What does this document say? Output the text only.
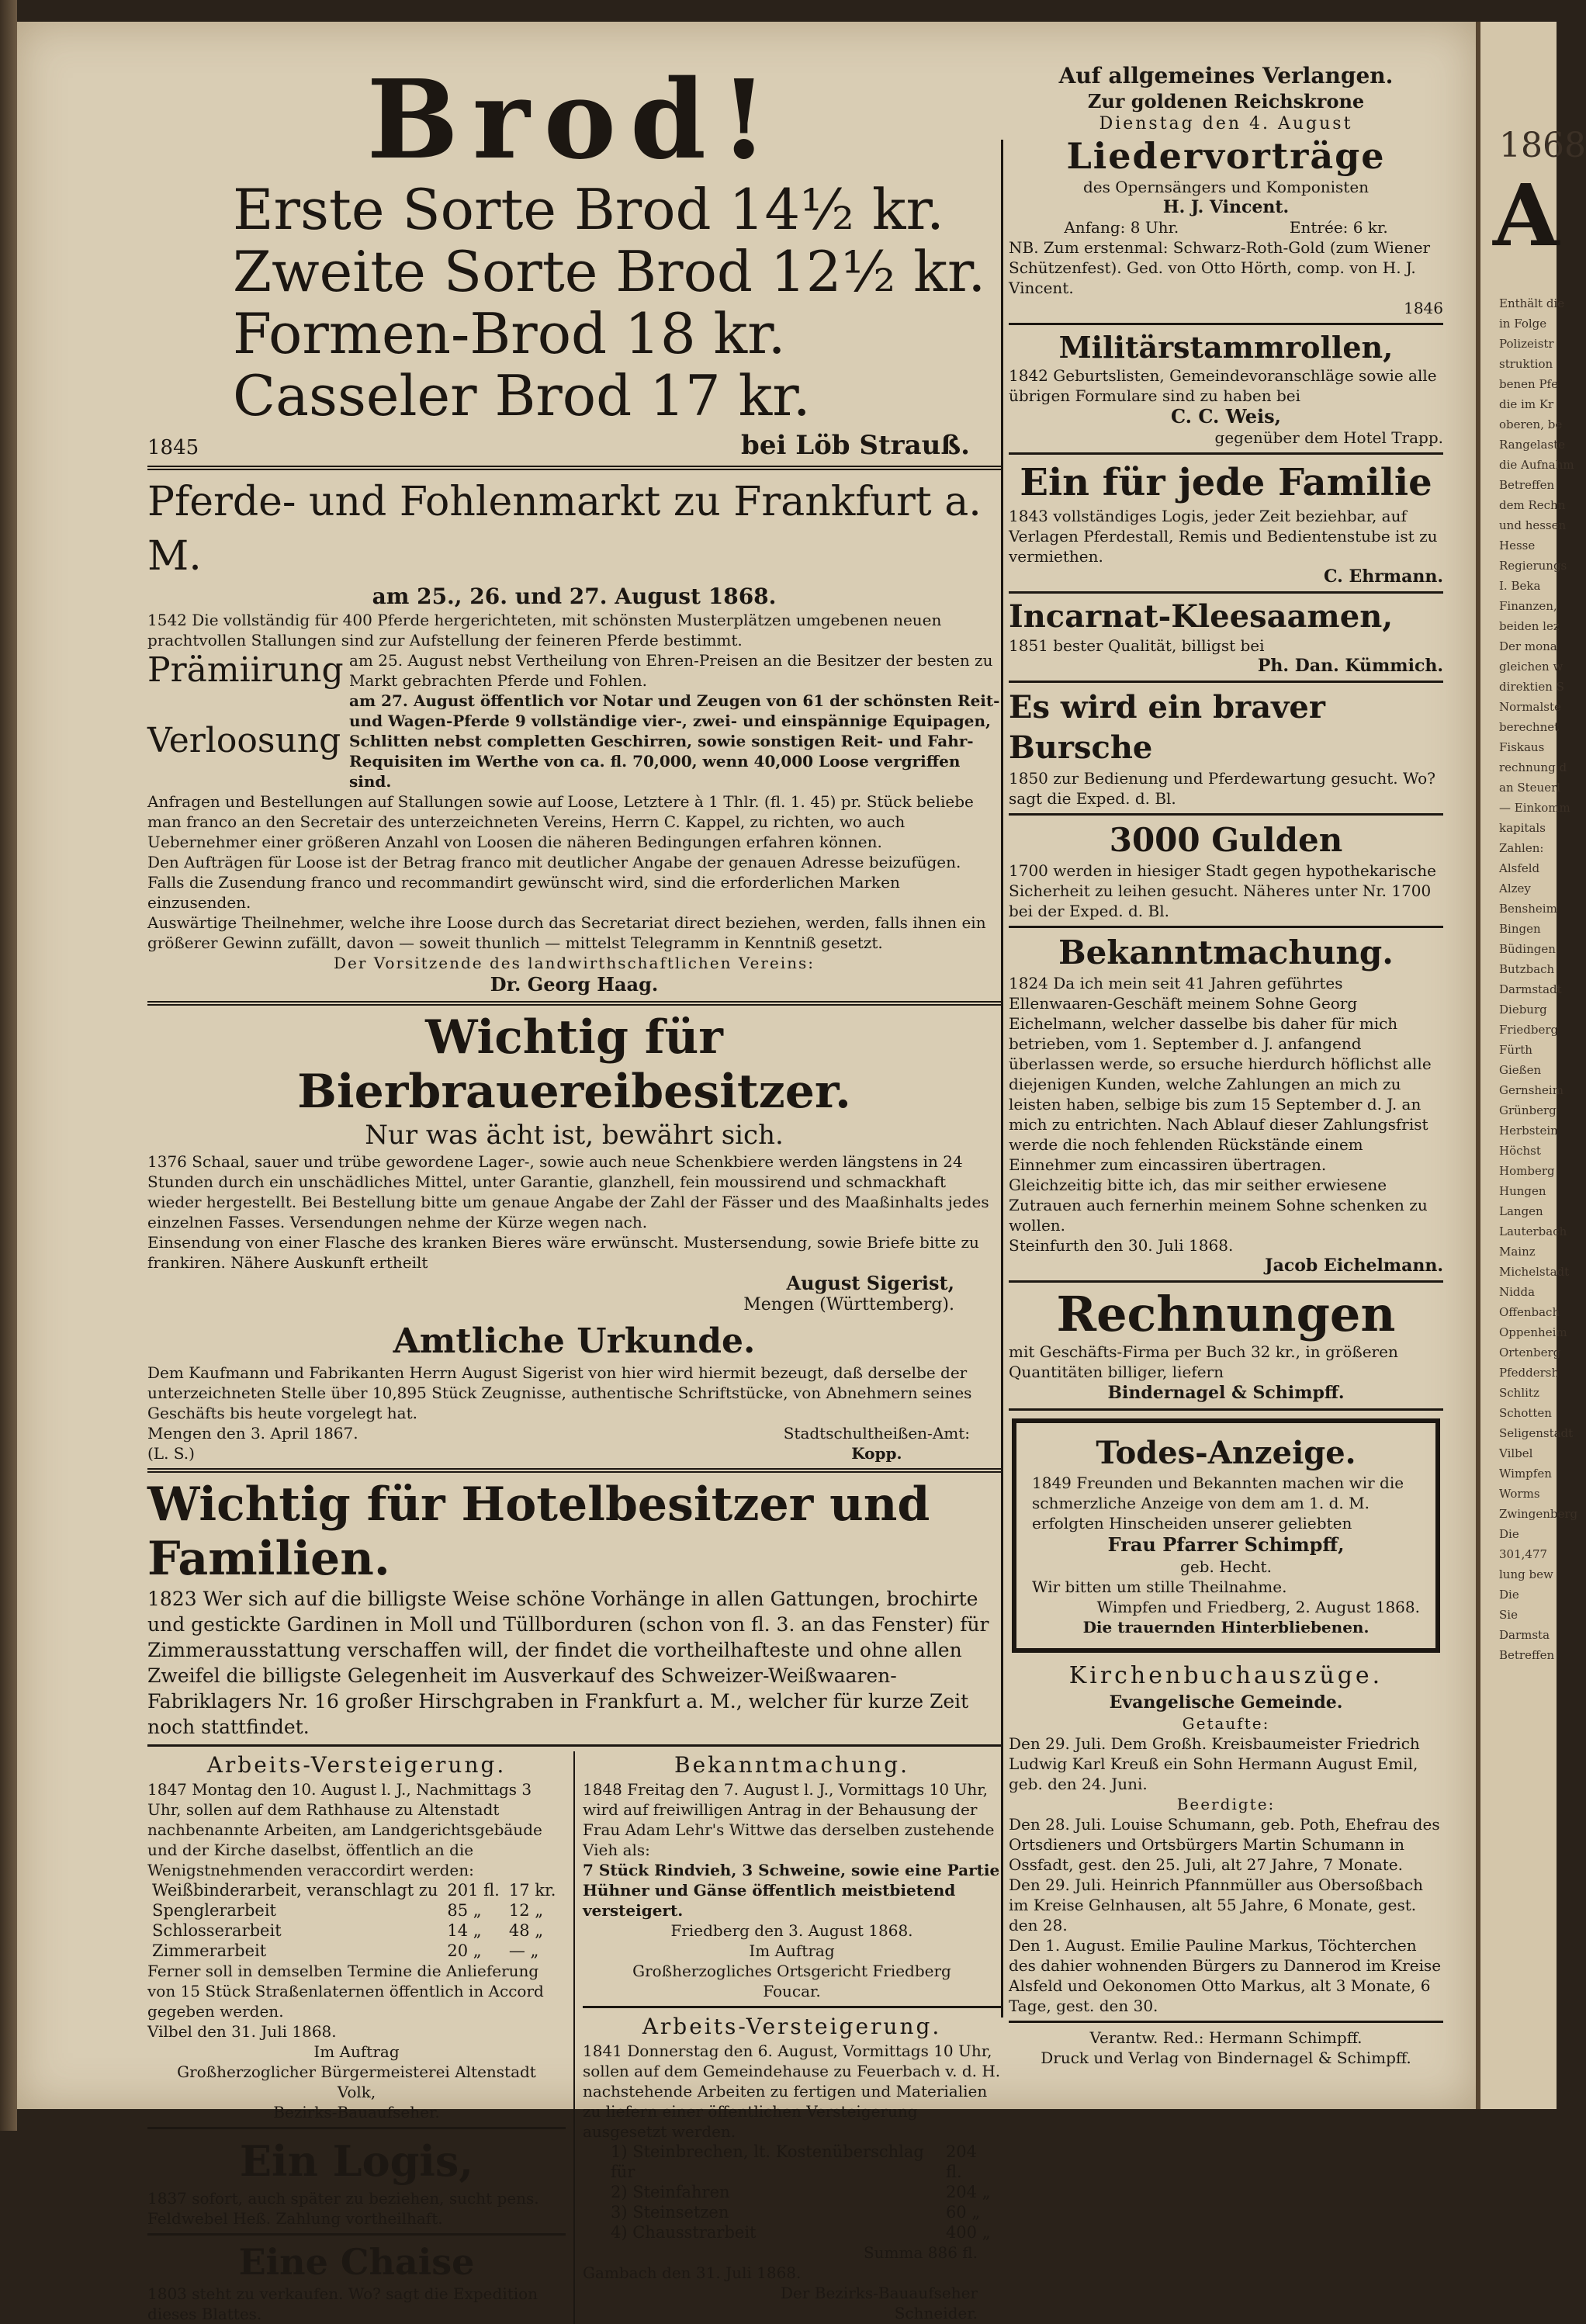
1868
A
Enthält die
in Folge
Polizeistr
struktion
benen Pfe
die im Kr
oberen, be
Rangelaste
die Aufnahm
Betreffen
dem Rechn
und hessen
Hesse
Regierungs
I. Beka
Finanzen,
beiden lez
Der mona
gleichen w
direktien S
Normalste
berechnet
Fiskaus
rechnung d
an Steuerl
— Einkomm
kapitals
Zahlen:
Alsfeld
Alzey
Bensheim
Bingen
Büdingen
Butzbach
Darmstadt
Dieburg
Friedberg
Fürth
Gießen
Gernsheim
Grünberg
Herbstein
Höchst
Homberg
Hungen
Langen
Lauterbach
Mainz
Michelstadt
Nidda
Offenbach
Oppenheim
Ortenberg
Pfeddersh
Schlitz
Schotten
Seligenstadt
Vilbel
Wimpfen
Worms
Zwingenberg
Die
301,477
lung bew
Die
Sie
Darmsta
Betreffen
Brod!
Erste Sorte Brod 14½ kr.
Zweite Sorte Brod 12½ kr.
Formen-Brod 18 kr.
Casseler Brod 17 kr.
1845	bei Löb Strauß.
Pferde- und Fohlenmarkt zu Frankfurt a. M.
am 25., 26. und 27. August 1868.
1542 Die vollständig für 400 Pferde hergerichteten, mit schönsten Musterplätzen umgebenen neuen prachtvollen Stallungen sind zur Aufstellung der feineren Pferde bestimmt.
Prämiirung am 25. August nebst Vertheilung von Ehren-Preisen an die Besitzer der besten zu Markt gebrachten Pferde und Fohlen.
Verloosung
am 27. August öffentlich vor Notar und Zeugen von 61 der schönsten Reit- und Wagen-Pferde 9 vollständige vier-, zwei- und einspännige Equipagen, Schlitten nebst completten Geschirren, sowie sonstigen Reit- und Fahr-Requisiten im Werthe von ca. fl. 70,000, wenn 40,000 Loose vergriffen sind.
Anfragen und Bestellungen auf Stallungen sowie auf Loose, Letztere à 1 Thlr. (fl. 1. 45) pr. Stück beliebe man franco an den Secretair des unterzeichneten Vereins, Herrn C. Kappel, zu richten, wo auch Uebernehmer einer größeren Anzahl von Loosen die näheren Bedingungen erfahren können.
Den Aufträgen für Loose ist der Betrag franco mit deutlicher Angabe der genauen Adresse beizufügen. Falls die Zusendung franco und recommandirt gewünscht wird, sind die erforderlichen Marken einzusenden.
Auswärtige Theilnehmer, welche ihre Loose durch das Secretariat direct beziehen, werden, falls ihnen ein größerer Gewinn zufällt, davon — soweit thunlich — mittelst Telegramm in Kenntniß gesetzt.
Der Vorsitzende des landwirthschaftlichen Vereins:
Dr. Georg Haag.
Wichtig für Bierbrauereibesitzer.
Nur was ächt ist, bewährt sich.
1376 Schaal, sauer und trübe gewordene Lager-, sowie auch neue Schenkbiere werden längstens in 24 Stunden durch ein unschädliches Mittel, unter Garantie, glanzhell, fein moussirend und schmackhaft wieder hergestellt. Bei Bestellung bitte um genaue Angabe der Zahl der Fässer und des Maaßinhalts jedes einzelnen Fasses. Versendungen nehme der Kürze wegen nach.
Einsendung von einer Flasche des kranken Bieres wäre erwünscht. Mustersendung, sowie Briefe bitte zu frankiren. Nähere Auskunft ertheilt
August Sigerist,
Mengen (Württemberg).
Amtliche Urkunde.
Dem Kaufmann und Fabrikanten Herrn August Sigerist von hier wird hiermit bezeugt, daß derselbe der unterzeichneten Stelle über 10,895 Stück Zeugnisse, authentische Schriftstücke, von Abnehmern seines Geschäfts bis heute vorgelegt hat.
Mengen den 3. April 1867.
(L. S.)
Stadtschultheißen-Amt:
Kopp.
Wichtig für Hotelbesitzer und Familien.
1823 Wer sich auf die billigste Weise schöne Vorhänge in allen Gattungen, brochirte und gestickte Gardinen in Moll und Tüllborduren (schon von fl. 3. an das Fenster) für Zimmerausstattung verschaffen will, der findet die vortheilhafteste und ohne allen Zweifel die billigste Gelegenheit im Ausverkauf des Schweizer-Weißwaaren-Fabriklagers Nr. 16 großer Hirschgraben in Frankfurt a. M., welcher für kurze Zeit noch stattfindet.
Arbeits-Versteigerung.
1847 Montag den 10. August l. J., Nachmittags 3 Uhr, sollen auf dem Rathhause zu Altenstadt nachbenannte Arbeiten, am Landgerichtsgebäude und der Kirche daselbst, öffentlich an die Wenigstnehmenden veraccordirt werden:
Weißbinderarbeit, veranschlagt zu	201 fl.	17 kr.
Spenglerarbeit	85 „	12 „
Schlosserarbeit	14 „	48 „
Zimmerarbeit	20 „	— „
Ferner soll in demselben Termine die Anlieferung von 15 Stück Straßenlaternen öffentlich in Accord gegeben werden.
Vilbel den 31. Juli 1868.
Im Auftrag
Großherzoglicher Bürgermeisterei Altenstadt
Volk,
Bezirks-Bauaufseher.
Ein Logis,
1837 sofort, auch später zu beziehen, sucht pens. Feldwebel Heß. Zahlung vortheilhaft.
Eine Chaise
1803 steht zu verkaufen. Wo? sagt die Expedition dieses Blattes.
Bekanntmachung.
1848 Freitag den 7. August l. J., Vormittags 10 Uhr, wird auf freiwilligen Antrag in der Behausung der Frau Adam Lehr's Wittwe das derselben zustehende Vieh als:
7 Stück Rindvieh, 3 Schweine, sowie eine Partie Hühner und Gänse öffentlich meistbietend versteigert.
Friedberg den 3. August 1868.
Im Auftrag
Großherzogliches Ortsgericht Friedberg
Foucar.
Arbeits-Versteigerung.
1841 Donnerstag den 6. August, Vormittags 10 Uhr, sollen auf dem Gemeindehause zu Feuerbach v. d. H. nachstehende Arbeiten zu fertigen und Materialien zu liefern einer öffentlichen Versteigerung ausgesetzt werden.
1) Steinbrechen, lt. Kostenüberschlag für	204 fl.
2) Steinfahren	204 „
3) Steinsetzen	60 „
4) Chausstrarbeit	400 „
Summa 886 fl.
Gambach den 31. Juli 1868.
Der Bezirks-Bauaufseher
Schneider.
Auf allgemeines Verlangen.
Zur goldenen Reichskrone
Dienstag den 4. August
Liedervorträge
des Opernsängers und Komponisten
H. J. Vincent.
Anfang: 8 Uhr.	Entrée: 6 kr.
NB. Zum erstenmal: Schwarz-Roth-Gold (zum Wiener Schützenfest). Ged. von Otto Hörth, comp. von H. J. Vincent.
1846
Militärstammrollen,
1842 Geburtslisten, Gemeindevoranschläge sowie alle übrigen Formulare sind zu haben bei
C. C. Weis,
gegenüber dem Hotel Trapp.
Ein für jede Familie
1843 vollständiges Logis, jeder Zeit beziehbar, auf Verlagen Pferdestall, Remis und Bedientenstube ist zu vermiethen.
C. Ehrmann.
Incarnat-Kleesaamen,
1851 bester Qualität, billigst bei
Ph. Dan. Kümmich.
Es wird ein braver Bursche
1850 zur Bedienung und Pferdewartung gesucht. Wo? sagt die Exped. d. Bl.
3000 Gulden
1700 werden in hiesiger Stadt gegen hypothekarische Sicherheit zu leihen gesucht. Näheres unter Nr. 1700 bei der Exped. d. Bl.
Bekanntmachung.
1824 Da ich mein seit 41 Jahren geführtes Ellenwaaren-Geschäft meinem Sohne Georg Eichelmann, welcher dasselbe bis daher für mich betrieben, vom 1. September d. J. anfangend überlassen werde, so ersuche hierdurch höflichst alle diejenigen Kunden, welche Zahlungen an mich zu leisten haben, selbige bis zum 15 September d. J. an mich zu entrichten. Nach Ablauf dieser Zahlungsfrist werde die noch fehlenden Rückstände einem Einnehmer zum eincassiren übertragen.
Gleichzeitig bitte ich, das mir seither erwiesene Zutrauen auch fernerhin meinem Sohne schenken zu wollen.
Steinfurth den 30. Juli 1868.
Jacob Eichelmann.
Rechnungen
mit Geschäfts-Firma per Buch 32 kr., in größeren Quantitäten billiger, liefern
Bindernagel & Schimpff.
Todes-Anzeige.
1849 Freunden und Bekannten machen wir die schmerzliche Anzeige von dem am 1. d. M. erfolgten Hinscheiden unserer geliebten
Frau Pfarrer Schimpff,
geb. Hecht.
Wir bitten um stille Theilnahme.
Wimpfen und Friedberg, 2. August 1868.
Die trauernden Hinterbliebenen.
Kirchenbuchauszüge.
Evangelische Gemeinde.
Getaufte:
Den 29. Juli. Dem Großh. Kreisbaumeister Friedrich Ludwig Karl Kreuß ein Sohn Hermann August Emil, geb. den 24. Juni.
Beerdigte:
Den 28. Juli. Louise Schumann, geb. Poth, Ehefrau des Ortsdieners und Ortsbürgers Martin Schumann in Ossfadt, gest. den 25. Juli, alt 27 Jahre, 7 Monate.
Den 29. Juli. Heinrich Pfannmüller aus Obersoßbach im Kreise Gelnhausen, alt 55 Jahre, 6 Monate, gest. den 28.
Den 1. August. Emilie Pauline Markus, Töchterchen des dahier wohnenden Bürgers zu Dannerod im Kreise Alsfeld und Oekonomen Otto Markus, alt 3 Monate, 6 Tage, gest. den 30.
Verantw. Red.: Hermann Schimpff.
Druck und Verlag von Bindernagel & Schimpff.
